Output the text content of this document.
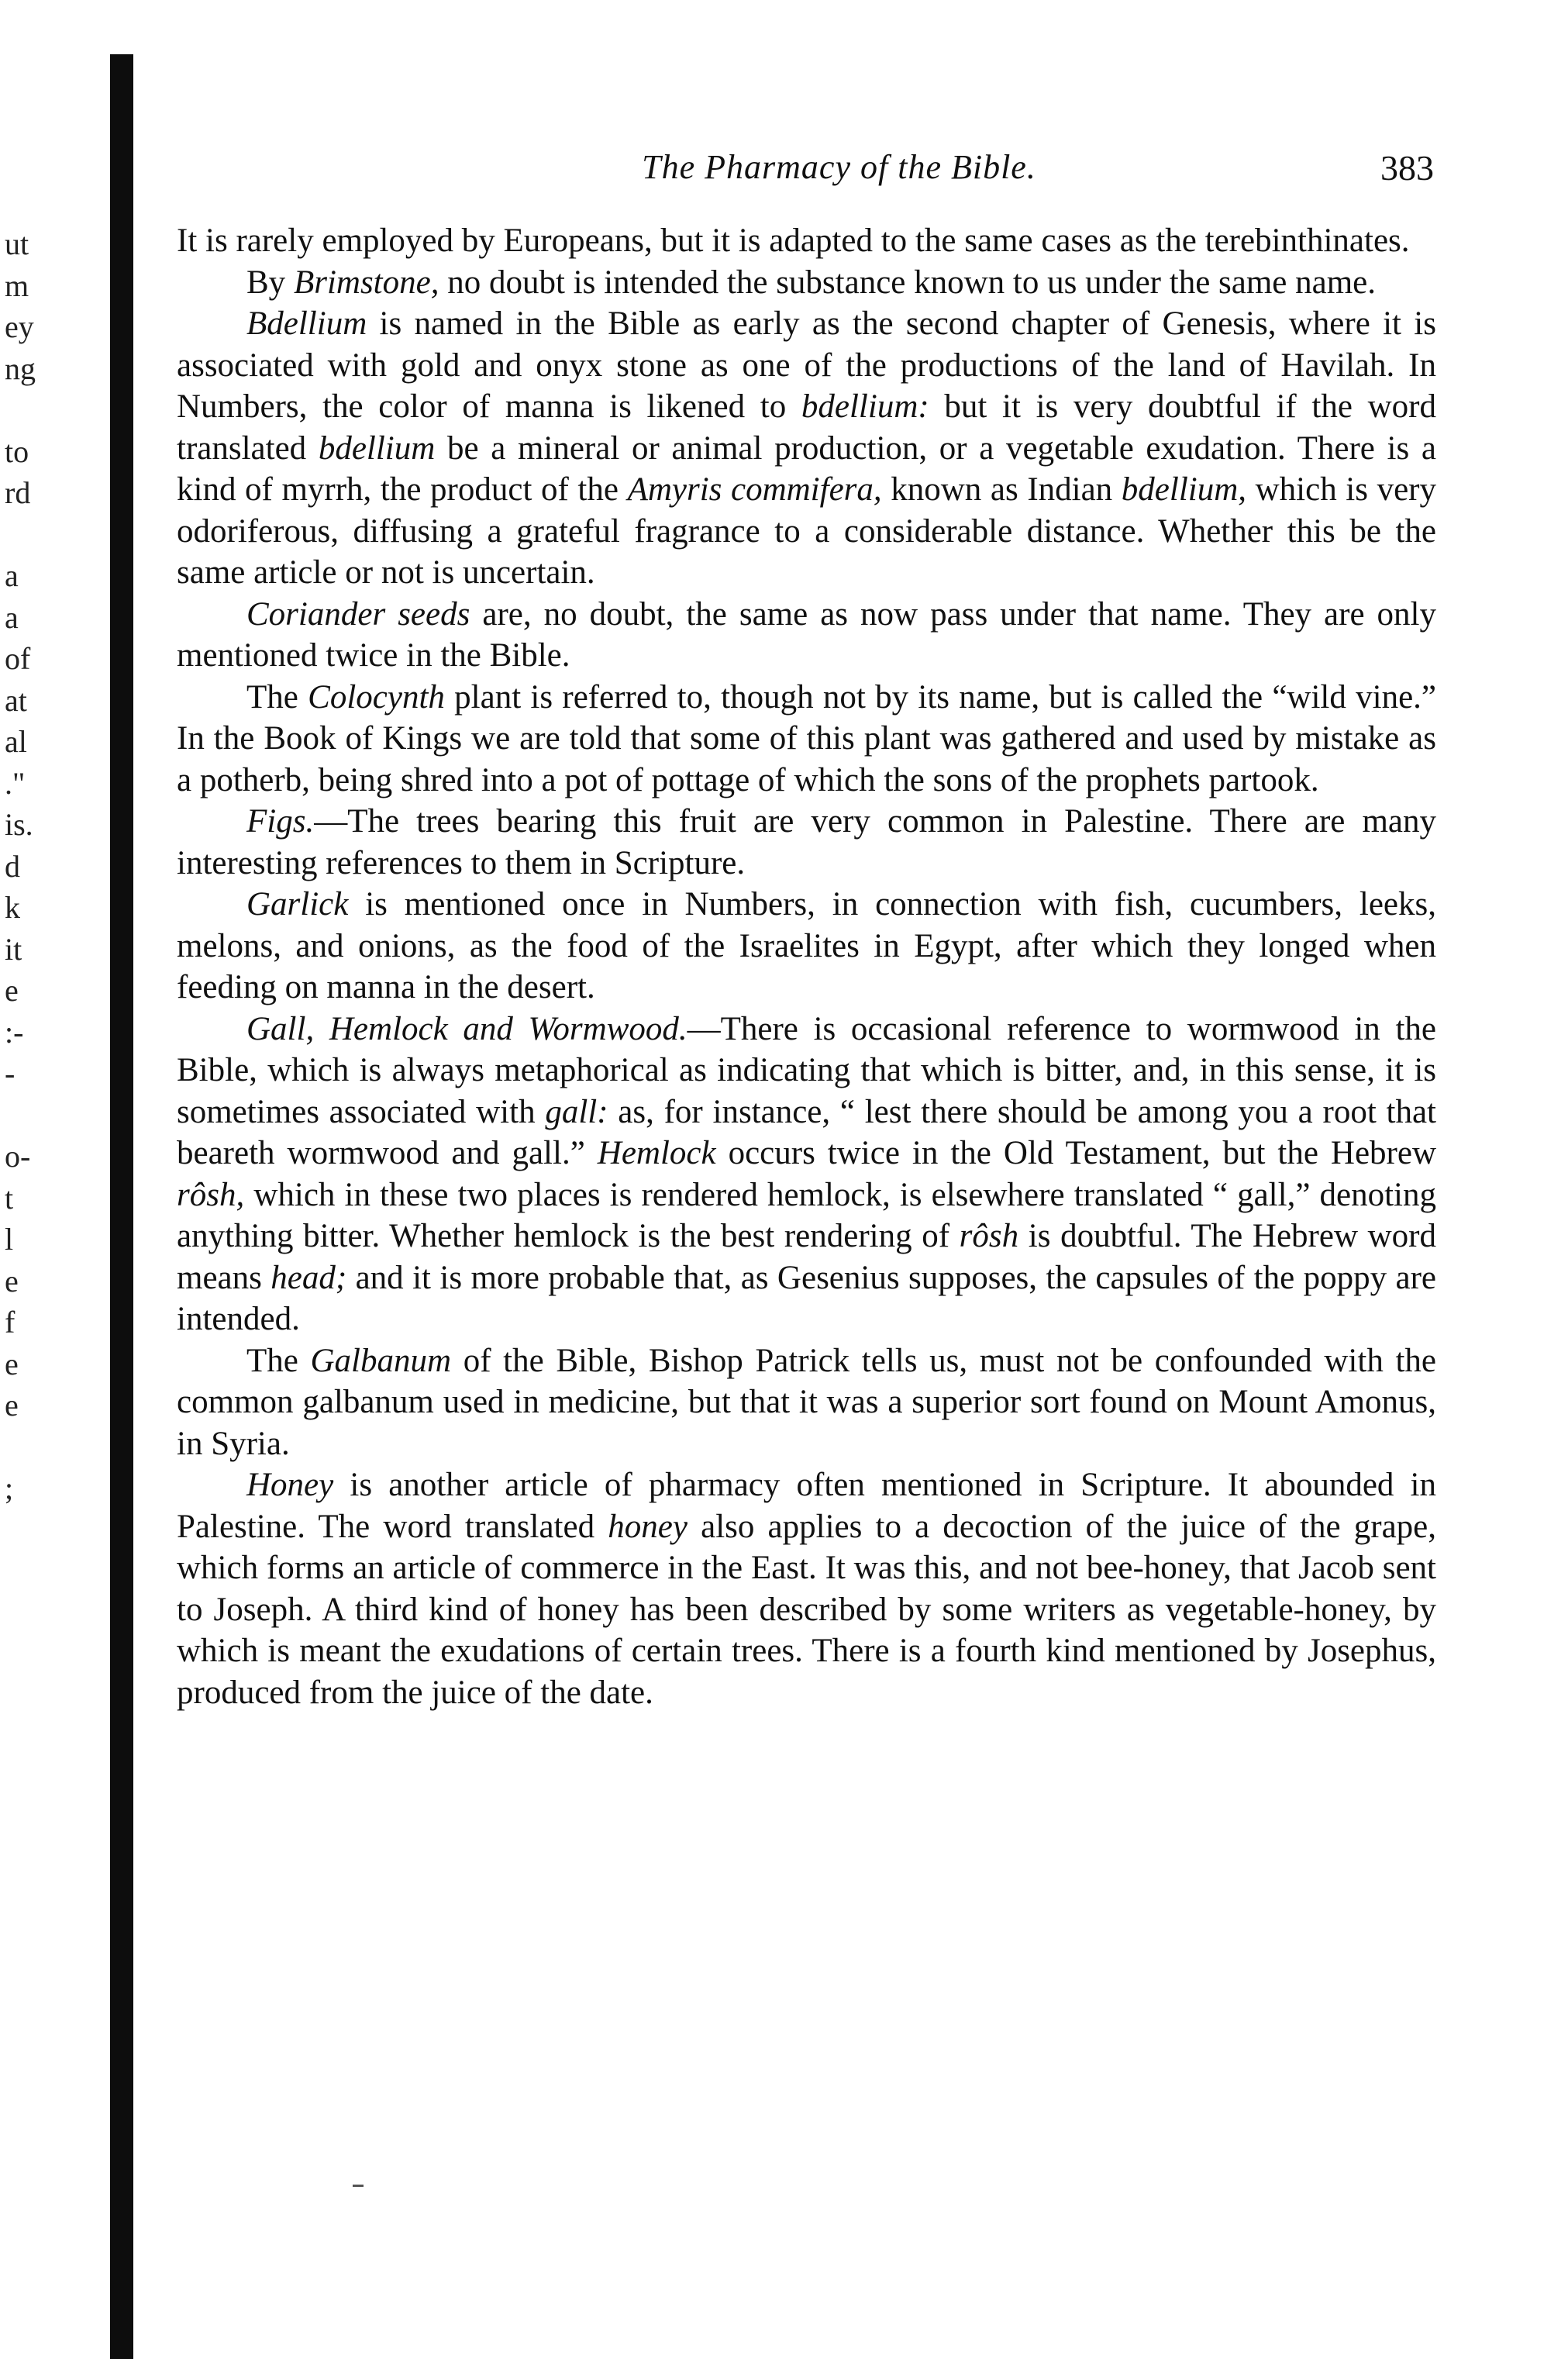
ut
m
ey
ng
to
rd
a
a
of
at
al
."
is.
d
k
it
e
:-
-
o-
t
l
e
f
e
e
;
The Pharmacy of the Bible.	383

It is rarely employed by Europeans, but it is adapted to the same cases as the terebinthinates.

By Brimstone, no doubt is intended the substance known to us under the same name.

Bdellium is named in the Bible as early as the second chapter of Genesis, where it is associated with gold and onyx stone as one of the productions of the land of Havilah. In Numbers, the color of manna is likened to bdellium: but it is very doubtful if the word translated bdellium be a mineral or animal production, or a vegetable exudation. There is a kind of myrrh, the product of the Amyris commifera, known as Indian bdellium, which is very odoriferous, diffusing a grateful fragrance to a considerable distance. Whether this be the same article or not is uncertain.

Coriander seeds are, no doubt, the same as now pass under that name. They are only mentioned twice in the Bible.

The Colocynth plant is referred to, though not by its name, but is called the “wild vine.” In the Book of Kings we are told that some of this plant was gathered and used by mistake as a potherb, being shred into a pot of pottage of which the sons of the prophets partook.

Figs.—The trees bearing this fruit are very common in Palestine. There are many interesting references to them in Scripture.

Garlick is mentioned once in Numbers, in connection with fish, cucumbers, leeks, melons, and onions, as the food of the Israelites in Egypt, after which they longed when feeding on manna in the desert.

Gall, Hemlock and Wormwood.—There is occasional reference to wormwood in the Bible, which is always metaphorical as indicating that which is bitter, and, in this sense, it is sometimes associated with gall: as, for instance, “ lest there should be among you a root that beareth wormwood and gall.” Hemlock occurs twice in the Old Testament, but the Hebrew rôsh, which in these two places is rendered hemlock, is elsewhere translated “ gall,” denoting anything bitter. Whether hemlock is the best rendering of rôsh is doubtful. The Hebrew word means head; and it is more probable that, as Gesenius supposes, the capsules of the poppy are intended.

The Galbanum of the Bible, Bishop Patrick tells us, must not be confounded with the common galbanum used in medicine, but that it was a superior sort found on Mount Amonus, in Syria.

Honey is another article of pharmacy often mentioned in Scripture. It abounded in Palestine. The word translated honey also applies to a decoction of the juice of the grape, which forms an article of commerce in the East. It was this, and not bee-honey, that Jacob sent to Joseph. A third kind of honey has been described by some writers as vegetable-honey, by which is meant the exudations of certain trees. There is a fourth kind mentioned by Josephus, produced from the juice of the date.
